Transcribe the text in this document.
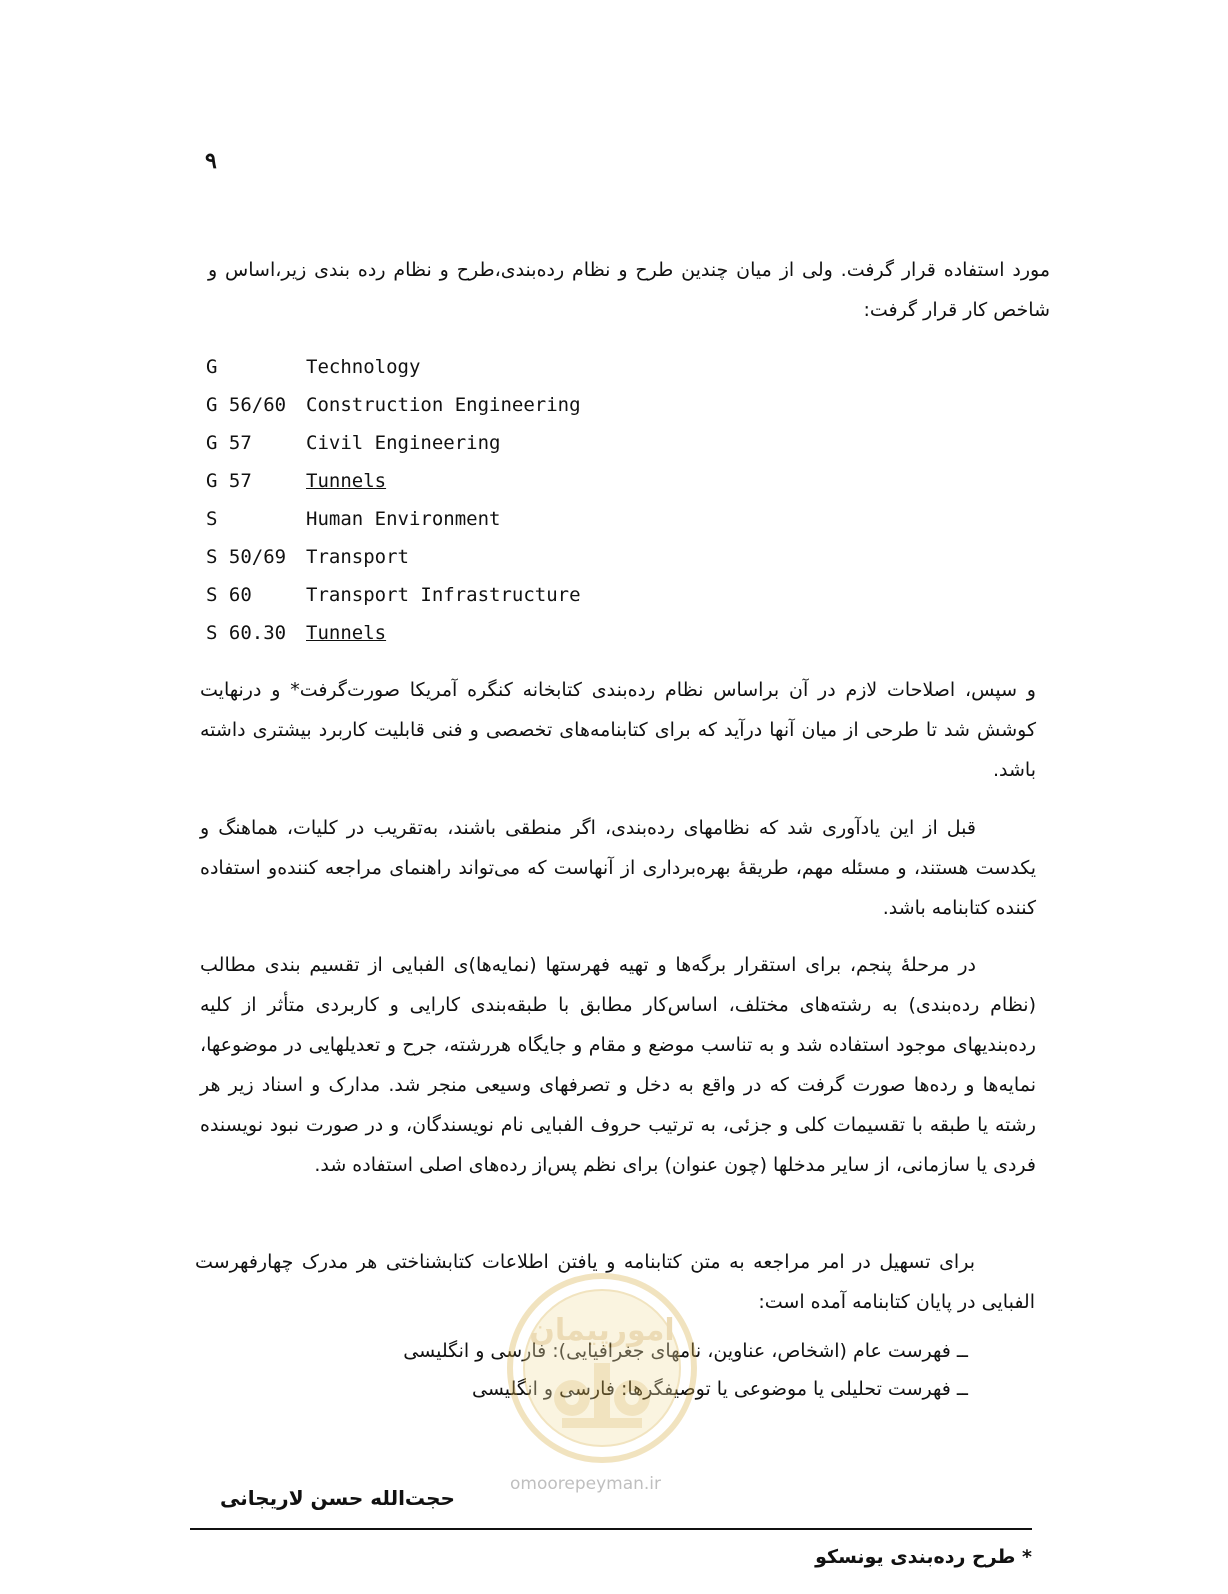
۹
مورد استفاده قرار گرفت. ولی از میان چندین طرح و نظام رده‌بندی،طرح و نظام رده بندی زیر،اساس و شاخص کار قرار گرفت:
G	Technology
G 56/60	Construction Engineering
G 57	Civil Engineering
G 57	Tunnels
S	Human Environment
S 50/69	Transport
S 60	Transport Infrastructure
S 60.30	Tunnels
و سپس، اصلاحات لازم در آن براساس نظام رده‌بندی کتابخانه کنگره آمریکا صورت‌گرفت* و درنهایت کوشش شد تا طرحی از میان آنها درآید که برای کتابنامه‌های تخصصی و فنی قابلیت کاربرد بیشتری داشته باشد.
قبل از این یادآوری شد که نظامهای رده‌بندی، اگر منطقی باشند، به‌تقریب در کلیات، هماهنگ و یکدست هستند، و مسئله مهم، طریقهٔ بهره‌برداری از آنهاست که می‌تواند راهنمای مراجعه کننده‌و استفاده کننده کتابنامه باشد.
در مرحلهٔ پنجم، برای استقرار برگه‌ها و تهیه فهرستها (نمایه‌ها)ی الفبایی از تقسیم بندی مطالب (نظام رده‌بندی) به رشته‌های مختلف، اساس‌کار مطابق با طبقه‌بندی کارایی و کاربردی متأثر از کلیه رده‌بندیهای موجود استفاده شد و به تناسب موضع و مقام و جایگاه هررشته، جرح و تعدیلهایی در موضوعها، نمایه‌ها و رده‌ها صورت گرفت که در واقع به دخل و تصرفهای وسیعی منجر شد. مدارک و اسناد زیر هر رشته یا طبقه با تقسیمات کلی و جزئی، به ترتیب حروف الفبایی نام نویسندگان، و در صورت نبود نویسنده فردی یا سازمانی، از سایر مدخلها (چون عنوان) برای نظم پس‌از رده‌های اصلی استفاده شد.
برای تسهیل در امر مراجعه به متن کتابنامه و یافتن اطلاعات کتابشناختی هر مدرک چهارفهرست الفبایی در پایان کتابنامه آمده است:
ــ فهرست عام (اشخاص، عناوین، نامهای جغرافیایی): فارسی و انگلیسی
ــ فهرست تحلیلی یا موضوعی یا توصیفگرها: فارسی و انگلیسی
امورپیمان
omoorepeyman.ir
حجت‌الله حسن لاریجانی
* طرح رده‌بندی یونسکو
